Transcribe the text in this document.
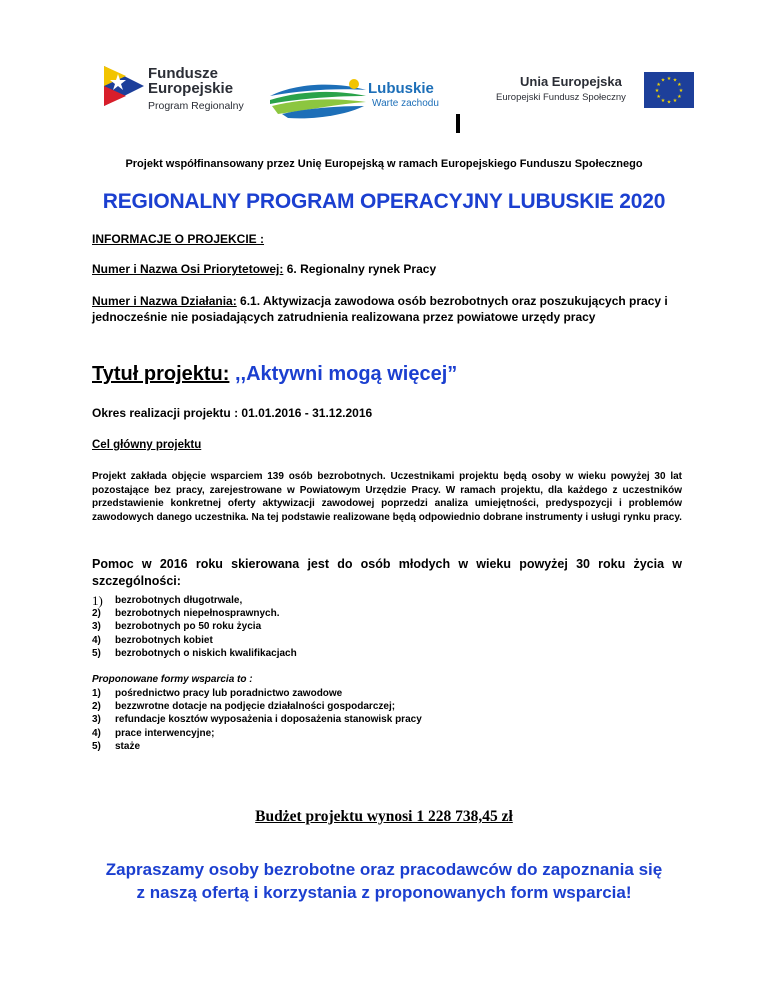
Fundusze
Europejskie
Program Regionalny
Lubuskie
Warte zachodu
Unia Europejska
Europejski Fundusz Społeczny
★ ★
★
★
★
★
★
★
★
★
★
★
Projekt współfinansowany przez Unię Europejską w ramach Europejskiego Funduszu Społecznego
REGIONALNY PROGRAM OPERACYJNY LUBUSKIE 2020
INFORMACJE O PROJEKCIE :
Numer i Nazwa Osi Priorytetowej: 6. Regionalny rynek Pracy
Numer i Nazwa Działania: 6.1. Aktywizacja zawodowa osób bezrobotnych oraz poszukujących pracy i jednocześnie nie posiadających zatrudnienia realizowana przez powiatowe urzędy pracy
Tytuł projektu: ,,Aktywni mogą więcej”
Okres realizacji projektu : 01.01.2016 - 31.12.2016
Cel główny projektu
Projekt zakłada objęcie wsparciem 139 osób bezrobotnych. Uczestnikami projektu będą osoby w wieku powyżej 30 lat pozostające bez pracy, zarejestrowane w Powiatowym Urzędzie Pracy. W ramach projektu, dla każdego z uczestników przedstawienie konkretnej oferty aktywizacji zawodowej poprzedzi analiza umiejętności, predyspozycji i problemów zawodowych danego uczestnika. Na tej podstawie realizowane będą odpowiednio dobrane instrumenty i usługi rynku pracy.
Pomoc w 2016 roku skierowana jest do osób młodych w wieku powyżej 30 roku życia w szczególności:
1) bezrobotnych długotrwale,
2) bezrobotnych niepełnosprawnych.
3) bezrobotnych po 50 roku życia
4) bezrobotnych kobiet
5) bezrobotnych o niskich kwalifikacjach
Proponowane formy wsparcia to :
1) pośrednictwo pracy lub poradnictwo zawodowe
2) bezzwrotne dotacje na podjęcie działalności gospodarczej;
3) refundacje kosztów wyposażenia i doposażenia stanowisk pracy
4) prace interwencyjne;
5) staże
Budżet projektu wynosi 1 228 738,45 zł
Zapraszamy osoby bezrobotne oraz pracodawców do zapoznania się
z naszą ofertą i korzystania z proponowanych form wsparcia!
